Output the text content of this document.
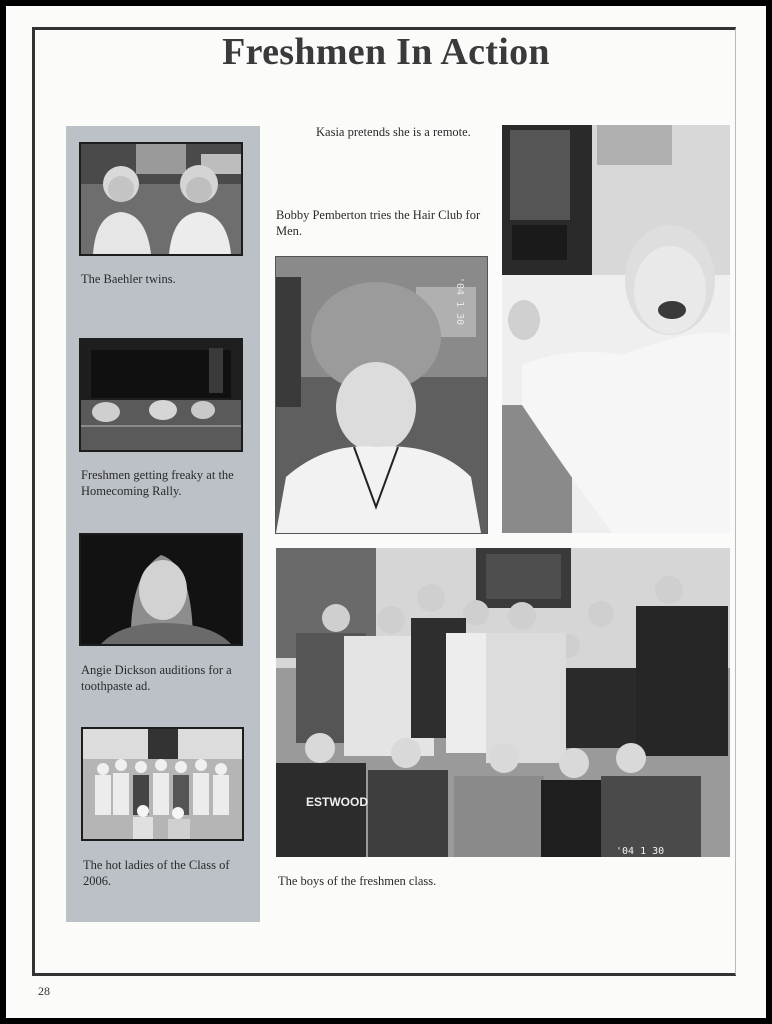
Freshmen In Action
The Baehler twins.
Freshmen getting freaky at the Homecoming Rally.
Angie Dickson auditions for a toothpaste ad.
The hot ladies of the Class of 2006.
Kasia pretends she is a remote.
Bobby Pemberton tries the Hair Club for Men.
'04 1 30
ESTWOOD
'04 1 30
The boys of the freshmen class.
28
